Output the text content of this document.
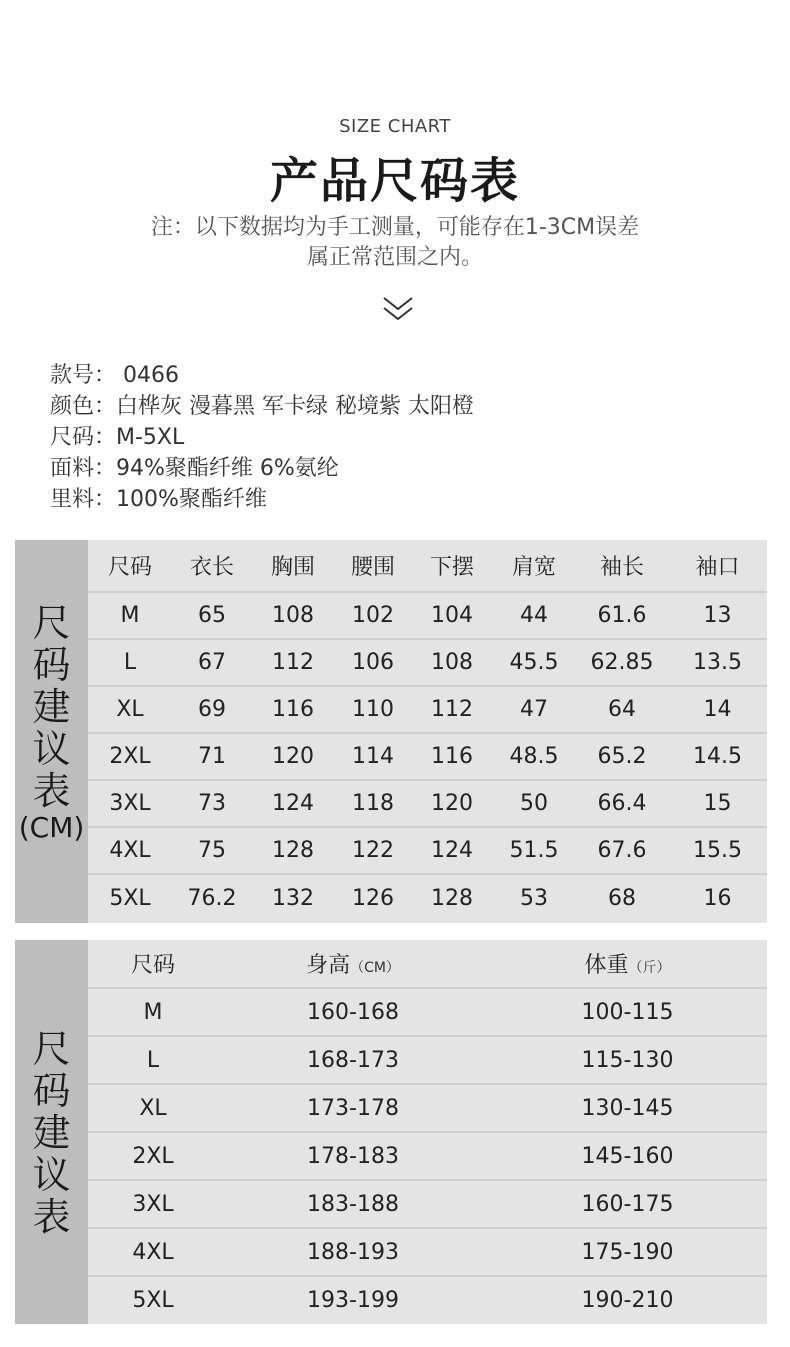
SIZE CHART
产品尺码表
注：以下数据均为手工测量，可能存在1-3CM误差
属正常范围之内。
款号： 0466
颜色：白桦灰 漫暮黑 军卡绿 秘境紫 太阳橙
尺码：M-5XL
面料：94%聚酯纤维 6%氨纶
里料：100%聚酯纤维
尺
码
建
议
表
(CM)
尺码	衣长	胸围	腰围	下摆	肩宽	袖长	袖口
M	65	108	102	104	44	61.6	13
L	67	112	106	108	45.5	62.85	13.5
XL	69	116	110	112	47	64	14
2XL	71	120	114	116	48.5	65.2	14.5
3XL	73	124	118	120	50	66.4	15
4XL	75	128	122	124	51.5	67.6	15.5
5XL	76.2	132	126	128	53	68	16
尺
码
建
议
表
尺码	身高（CM）	体重（斤）
M	160-168	100-115
L	168-173	115-130
XL	173-178	130-145
2XL	178-183	145-160
3XL	183-188	160-175
4XL	188-193	175-190
5XL	193-199	190-210
